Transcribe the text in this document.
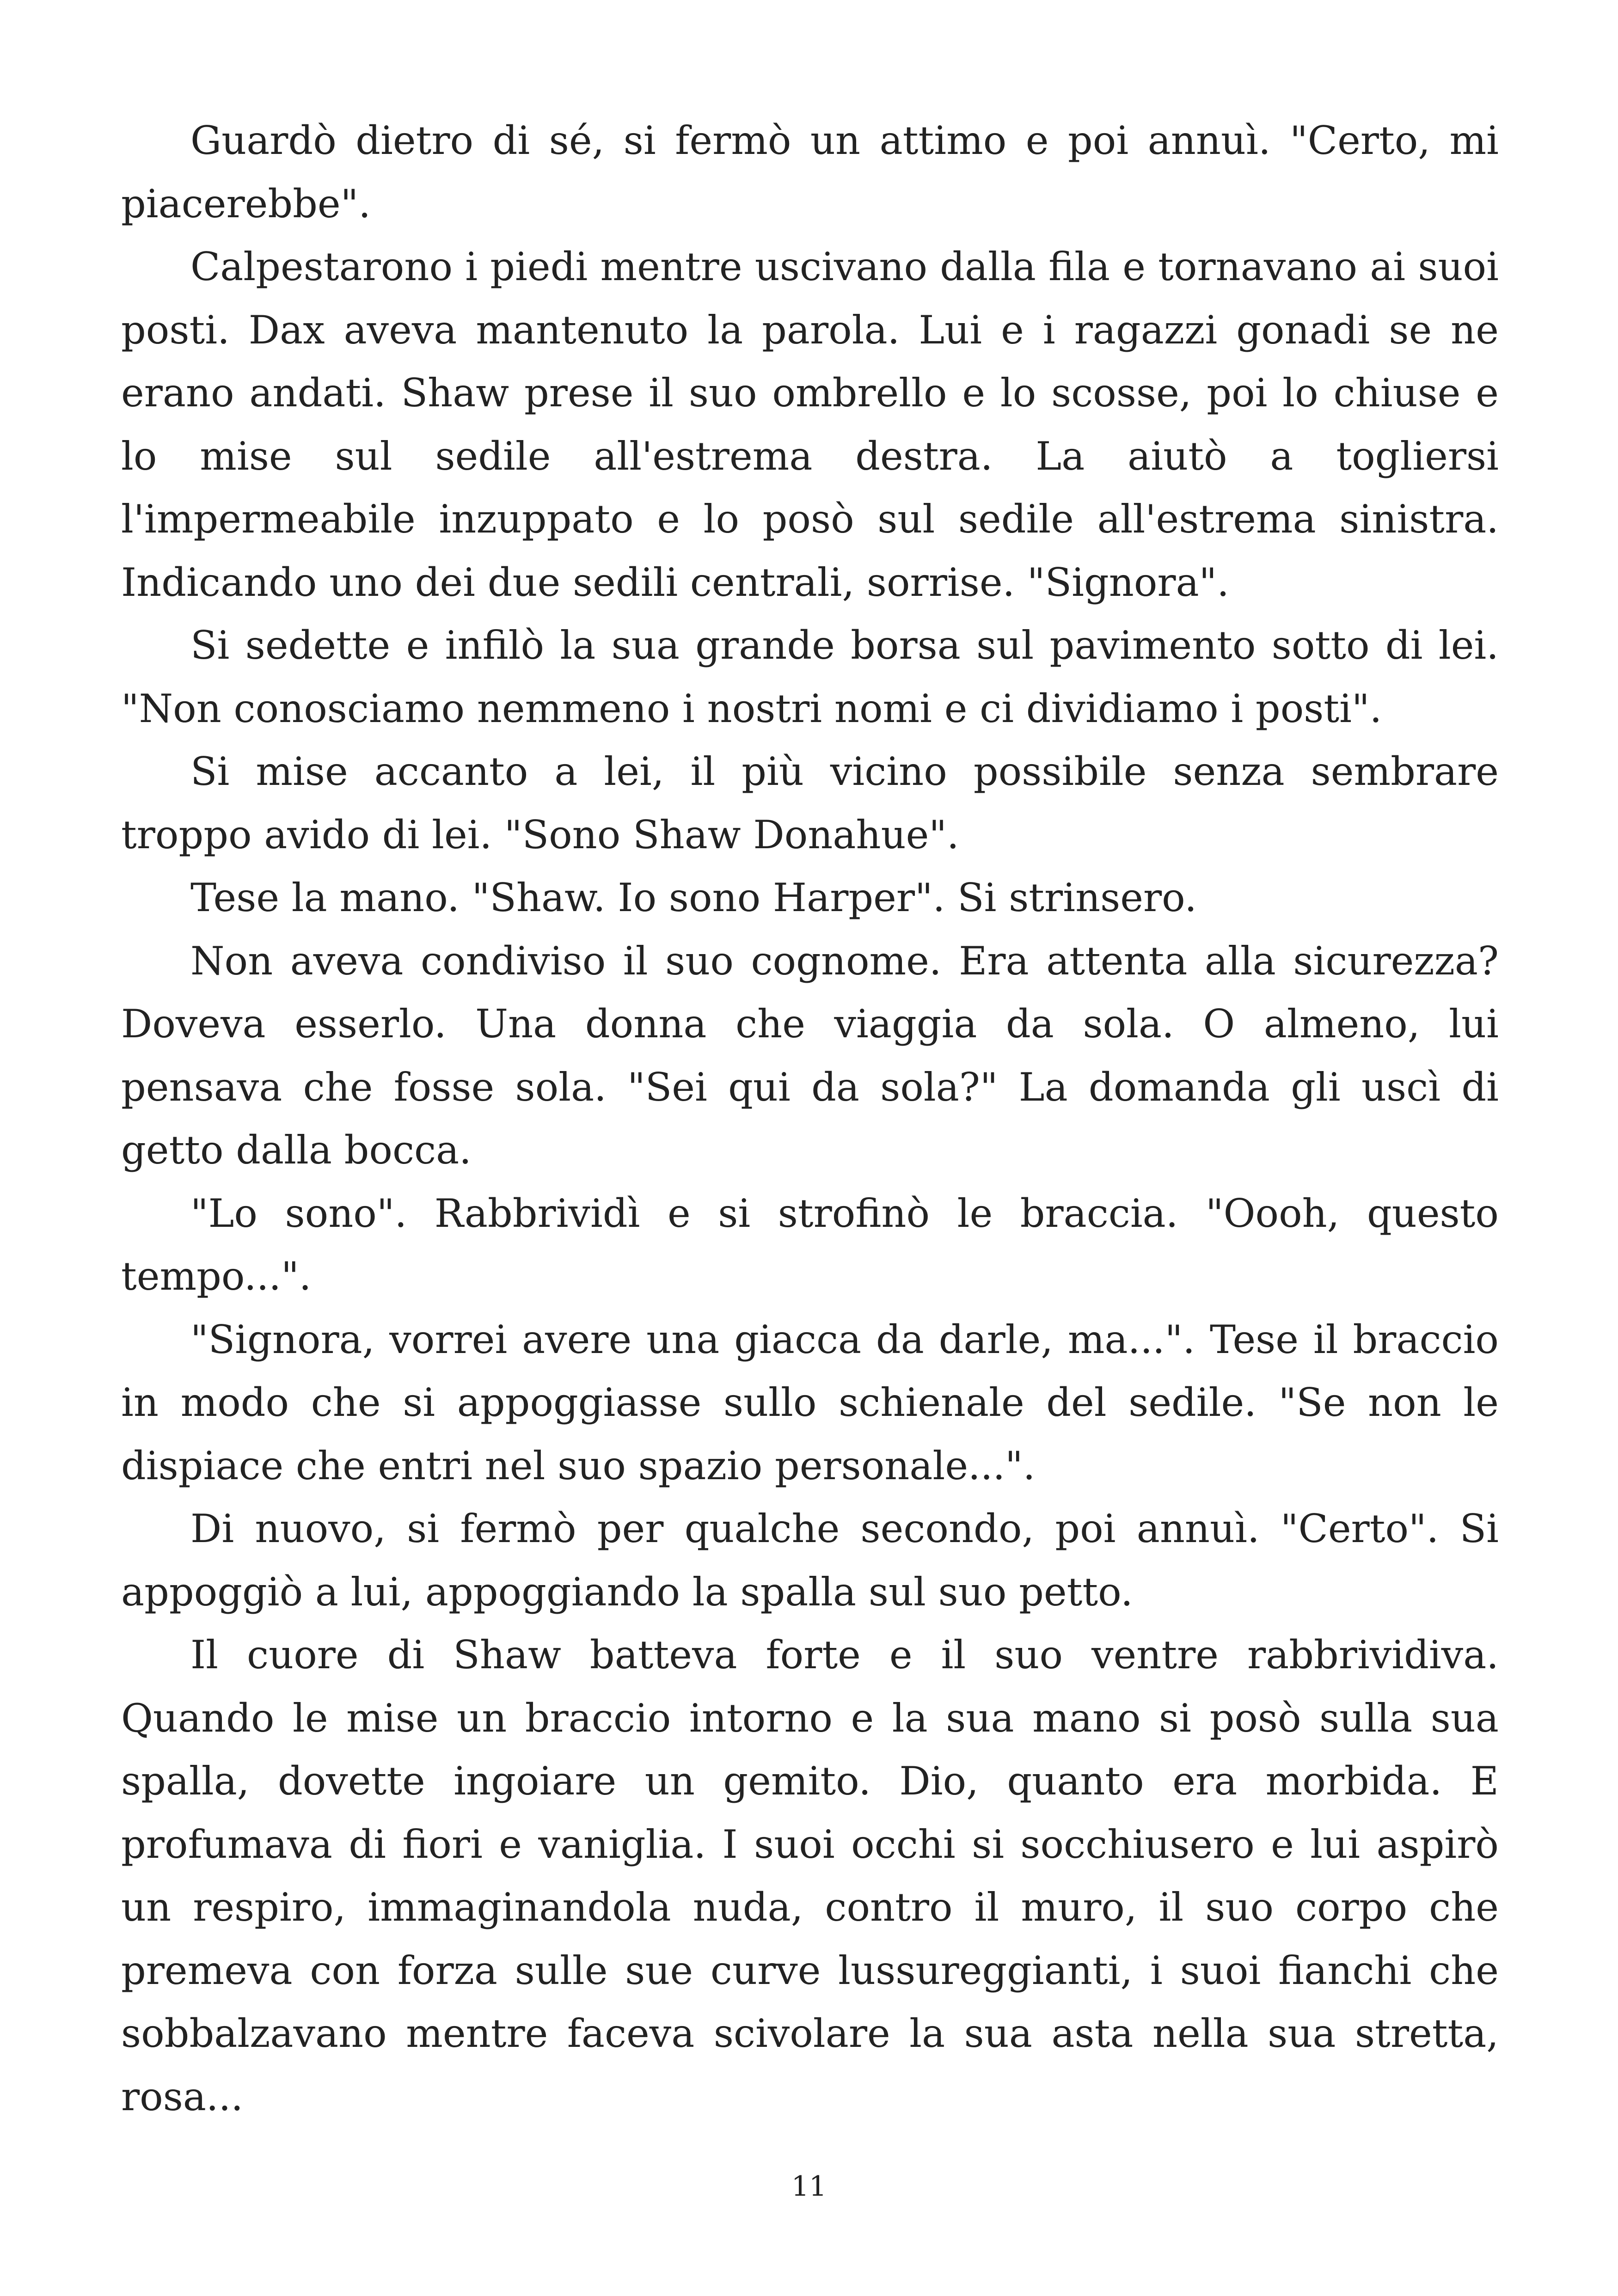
Guardò dietro di sé, si fermò un attimo e poi annuì. "Certo, mi piacerebbe".

Calpestarono i piedi mentre uscivano dalla fila e tornavano ai suoi posti. Dax aveva mantenuto la parola. Lui e i ragazzi gonadi se ne erano andati. Shaw prese il suo ombrello e lo scosse, poi lo chiuse e lo mise sul sedile all'estrema destra. La aiutò a togliersi l'impermeabile inzuppato e lo posò sul sedile all'estrema sinistra. Indicando uno dei due sedili centrali, sorrise. "Signora".

Si sedette e infilò la sua grande borsa sul pavimento sotto di lei. "Non conosciamo nemmeno i nostri nomi e ci dividiamo i posti".

Si mise accanto a lei, il più vicino possibile senza sembrare troppo avido di lei. "Sono Shaw Donahue".

Tese la mano. "Shaw. Io sono Harper". Si strinsero.

Non aveva condiviso il suo cognome. Era attenta alla sicurezza? Doveva esserlo. Una donna che viaggia da sola. O almeno, lui pensava che fosse sola. "Sei qui da sola?" La domanda gli uscì di getto dalla bocca.

"Lo sono". Rabbrividì e si strofinò le braccia. "Oooh, questo tempo...".

"Signora, vorrei avere una giacca da darle, ma...". Tese il braccio in modo che si appoggiasse sullo schienale del sedile. "Se non le dispiace che entri nel suo spazio personale...".

Di nuovo, si fermò per qualche secondo, poi annuì. "Certo". Si appoggiò a lui, appoggiando la spalla sul suo petto.

Il cuore di Shaw batteva forte e il suo ventre rabbrividiva. Quando le mise un braccio intorno e la sua mano si posò sulla sua spalla, dovette ingoiare un gemito. Dio, quanto era morbida. E profumava di fiori e vaniglia. I suoi occhi si socchiusero e lui aspirò un respiro, immaginandola nuda, contro il muro, il suo corpo che premeva con forza sulle sue curve lussureggianti, i suoi fianchi che sobbalzavano mentre faceva scivolare la sua asta nella sua stretta, rosa...

11
